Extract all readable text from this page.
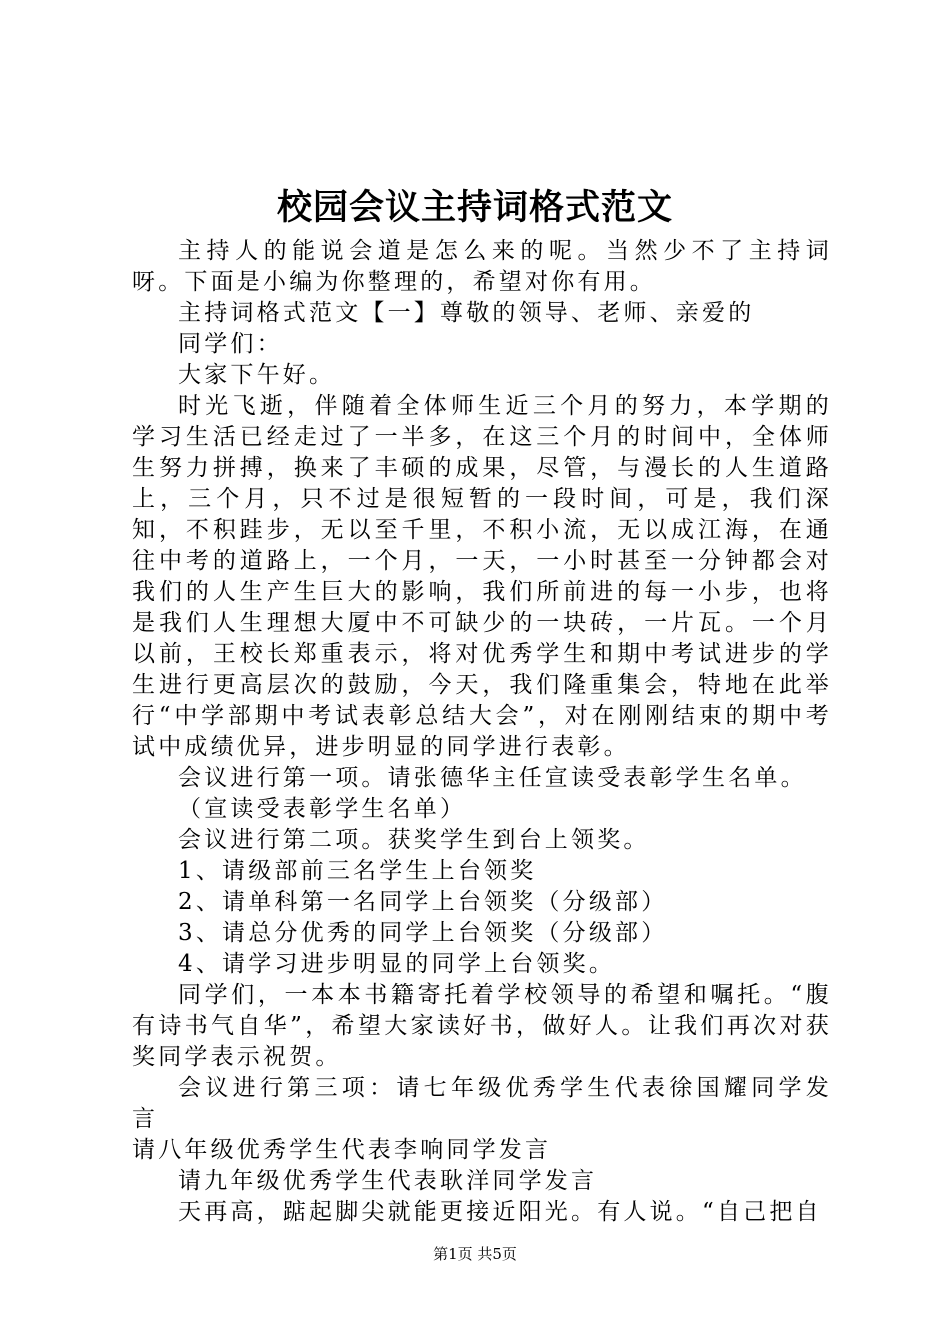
校园会议主持词格式范文

主持人的能说会道是怎么来的呢。当然少不了主持词呀。下面是小编为你整理的，希望对你有用。

主持词格式范文【一】尊敬的领导、老师、亲爱的

同学们：

大家下午好。

时光飞逝，伴随着全体师生近三个月的努力，本学期的学习生活已经走过了一半多，在这三个月的时间中，全体师生努力拼搏，换来了丰硕的成果，尽管，与漫长的人生道路上，三个月，只不过是很短暂的一段时间，可是，我们深知，不积跬步，无以至千里，不积小流，无以成江海，在通往中考的道路上，一个月，一天，一小时甚至一分钟都会对我们的人生产生巨大的影响，我们所前进的每一小步，也将是我们人生理想大厦中不可缺少的一块砖，一片瓦。一个月以前，王校长郑重表示，将对优秀学生和期中考试进步的学生进行更高层次的鼓励，今天，我们隆重集会，特地在此举行“中学部期中考试表彰总结大会”，对在刚刚结束的期中考试中成绩优异，进步明显的同学进行表彰。

会议进行第一项。请张德华主任宣读受表彰学生名单。

（宣读受表彰学生名单）

会议进行第二项。获奖学生到台上领奖。

1、请级部前三名学生上台领奖

2、请单科第一名同学上台领奖（分级部）

3、请总分优秀的同学上台领奖（分级部）

4、请学习进步明显的同学上台领奖。

同学们，一本本书籍寄托着学校领导的希望和嘱托。“腹有诗书气自华”，希望大家读好书，做好人。让我们再次对获奖同学表示祝贺。

会议进行第三项：请七年级优秀学生代表徐国耀同学发言

请八年级优秀学生代表李响同学发言

请九年级优秀学生代表耿洋同学发言

天再高，踮起脚尖就能更接近阳光。有人说。“自己把自

第1页 共5页
